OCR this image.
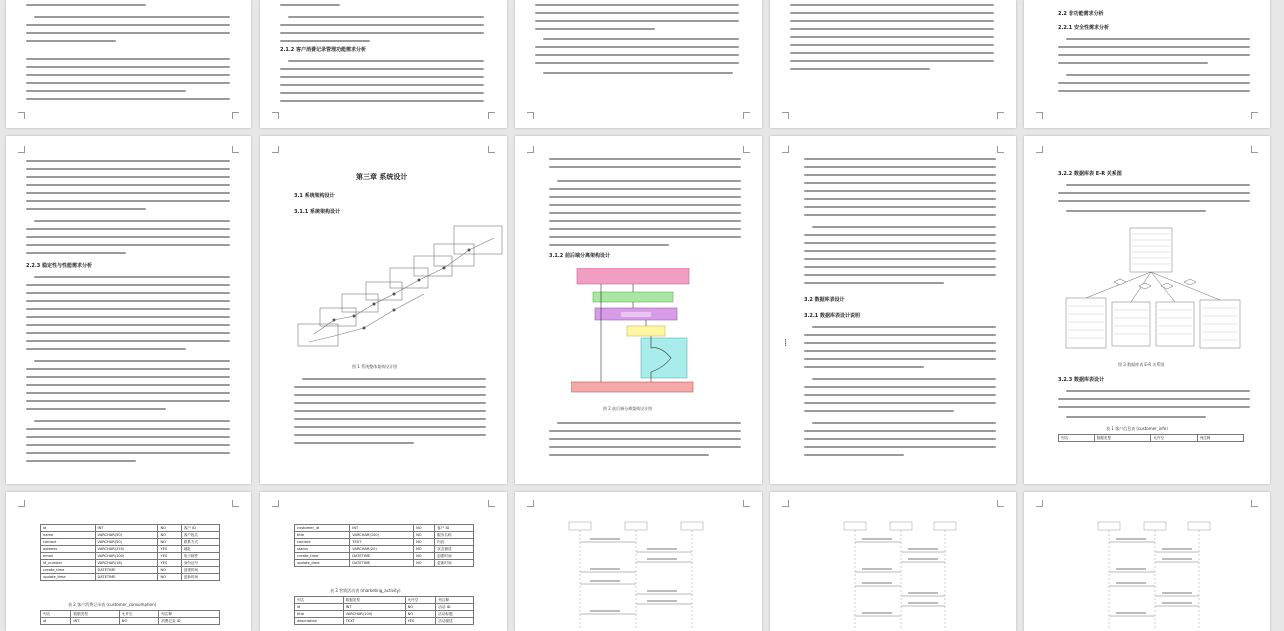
2.1.2 客户消费记录管理功能需求分析
2.2 非功能需求分析
2.2.1 安全性需求分析
2.2.3 稳定性与性能需求分析
第三章 系统设计
3.1 系统架构设计
3.1.1 系统架构设计
图 1 系统整体架构设计图
3.1.2 前后端分离架构设计
图 2 前后端分离架构设计图
3.2 数据库表设计
3.2.1 数据库表设计说明
⁞
3.2.2 数据库表 E-R 关系图
图 3 数据库表 E-R 关系图
3.2.3 数据库表设计
表 1 客户信息表 (customer_info)
列名	数据类型	允许空	列注释
id	INT	NO	客户 ID
name	VARCHAR(50)	NO	客户姓名
contact	VARCHAR(50)	NO	联系方式
address	VARCHAR(255)	YES	地址
email	VARCHAR(100)	YES	电子邮件
id_number	VARCHAR(18)	YES	身份证号
create_time	DATETIME	NO	创建时间
update_time	DATETIME	NO	更新时间
表 2 客户消费记录表 (customer_consumption)
列名	数据类型	允许空	列注释
id	INT	NO	消费记录 ID
customer_id	INT	NO	客户 ID
title	VARCHAR(100)	NO	服务名称
content	TEXT	NO	内容
status	VARCHAR(20)	NO	状态描述
create_time	DATETIME	NO	创建时间
update_time	DATETIME	NO	更新时间
表 3 营销活动表 (marketing_activity)
列名	数据类型	允许空	列注释
id	INT	NO	活动 ID
title	VARCHAR(100)	NO	活动标题
description	TEXT	YES	活动描述
